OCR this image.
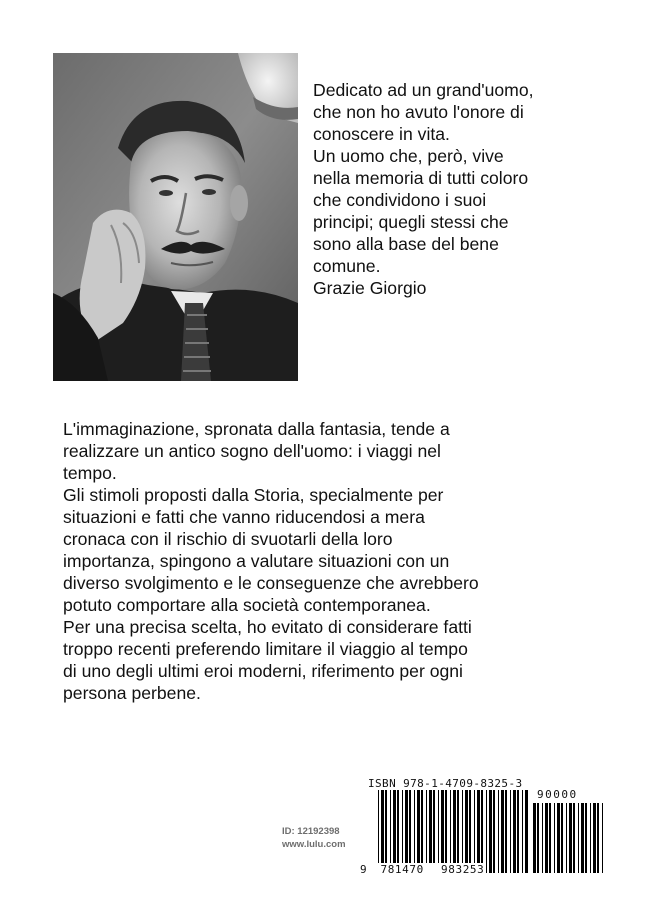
Dedicato ad un grand'uomo,
che non ho avuto l'onore di
conoscere in vita.
Un uomo che, però, vive
nella memoria di tutti coloro
che condividono i suoi
principi; quegli stessi che
sono alla base del bene
comune.
Grazie Giorgio
L'immaginazione, spronata dalla fantasia, tende a
realizzare un antico sogno dell'uomo: i viaggi nel
tempo.
Gli stimoli proposti dalla Storia, specialmente per
situazioni e fatti che vanno riducendosi a mera
cronaca con il rischio di svuotarli della loro
importanza, spingono a valutare situazioni con un
diverso svolgimento e le conseguenze che avrebbero
potuto comportare alla società contemporanea.
Per una precisa scelta, ho evitato di considerare fatti
troppo recenti preferendo limitare il viaggio al tempo
di uno degli ultimi eroi moderni, riferimento per ogni
persona perbene.
ID: 12192398
www.lulu.com
ISBN 978-1-4709-8325-3
90000
9 781470 983253
